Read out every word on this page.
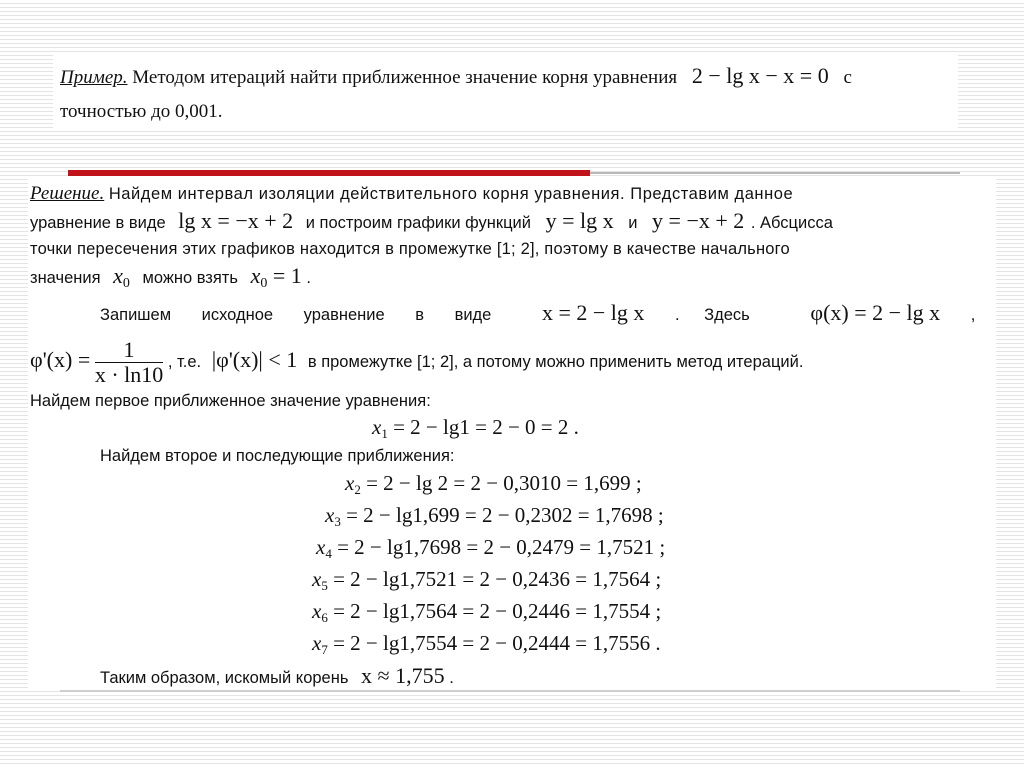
Пример. Методом итераций найти приближенное значение корня уравнения 2 − lg x − x = 0 с
точностью до 0,001.
Решение. Найдем интервал изоляции действительного корня уравнения. Представим данное
уравнение в виде lg x = −x + 2 и построим графики функций y = lg x и y = −x + 2 . Абсцисса
точки пересечения этих графиков находится в промежутке [1; 2], поэтому в качестве начального
значения $x_0$ можно взять $x_0 = 1$ .
Запишем исходное уравнение в виде x = 2 − lg x . Здесь	φ(x) = 2 − lg x ,
$\varphi'(x) = \frac{1}{x \cdot \ln 10}$ , т.е. |φ'(x)| < 1 в промежутке [1; 2], а потому можно применить метод итераций.
Найдем первое приближенное значение уравнения:
$x_1 = 2 - \lg 1 = 2 - 0 = 2$ .
Найдем второе и последующие приближения:
$x_2 = 2 - \lg 2 = 2 - 0,3010 = 1,699$ ;
$x_3 = 2 - \lg 1,699 = 2 - 0,2302 = 1,7698$ ;
$x_4 = 2 - \lg 1,7698 = 2 - 0,2479 = 1,7521$ ;
$x_5 = 2 - \lg 1,7521 = 2 - 0,2436 = 1,7564$ ;
$x_6 = 2 - \lg 1,7564 = 2 - 0,2446 = 1,7554$ ;
$x_7 = 2 - \lg 1,7554 = 2 - 0,2444 = 1,7556$ .
Таким образом, искомый корень x ≈ 1,755 .
